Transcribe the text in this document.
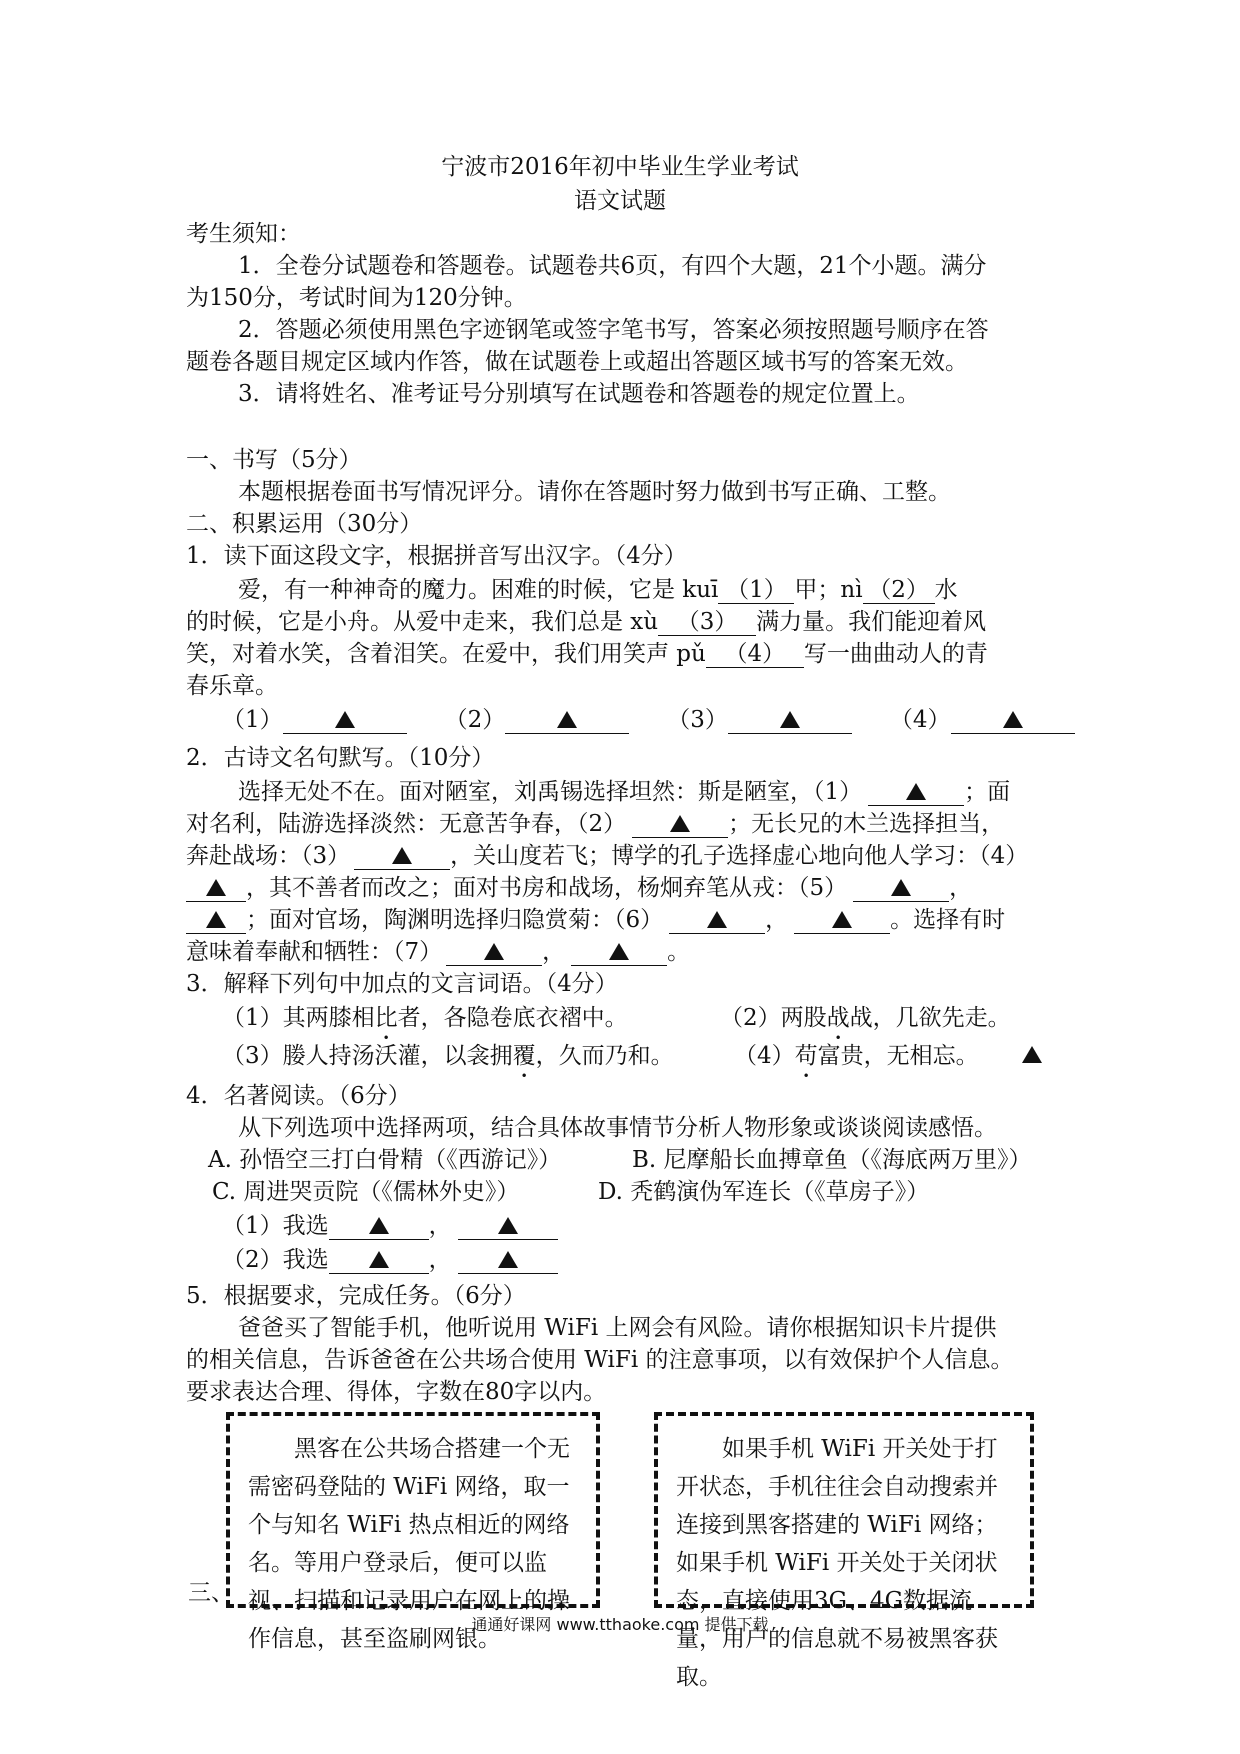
宁波市2016年初中毕业生学业考试
语文试题
考生须知：
1．全卷分试题卷和答题卷。试题卷共6页，有四个大题，21个小题。满分
为150分，考试时间为120分钟。
2．答题必须使用黑色字迹钢笔或签字笔书写，答案必须按照题号顺序在答
题卷各题目规定区域内作答，做在试题卷上或超出答题区域书写的答案无效。
3．请将姓名、准考证号分别填写在试题卷和答题卷的规定位置上。
一、书写（5分）
本题根据卷面书写情况评分。请你在答题时努力做到书写正确、工整。
二、积累运用（30分）
1．读下面这段文字，根据拼音写出汉字。（4分）
爱，有一种神奇的魔力。困难的时候，它是 kuī （1） 甲；nì （2） 水
的时候，它是小舟。从爱中走来，我们总是 xù （3） 满力量。我们能迎着风
笑，对着水笑，含着泪笑。在爱中，我们用笑声 pǔ （4） 写一曲曲动人的青
春乐章。
（1）	（2）	（3）	（4）
2．古诗文名句默写。（10分）
选择无处不在。面对陋室，刘禹锡选择坦然：斯是陋室，（1）	；面
对名利，陆游选择淡然：无意苦争春，（2）	；无长兄的木兰选择担当，
奔赴战场：（3）	，关山度若飞；博学的孔子选择虚心地向他人学习：（4）
，其不善者而改之；面对书房和战场，杨炯弃笔从戎：（5）	，
；面对官场，陶渊明选择归隐赏菊：（6）	，	。选择有时
意味着奉献和牺牲：（7）	，	。
3．解释下列句中加点的文言词语。（4分）
（1）其两膝相比者，各隐卷底衣褶中。	（2）两股战战，几欲先走。
（3）媵人持汤沃灌，以衾拥覆，久而乃和。	（4）苟富贵，无相忘。
4．名著阅读。（6分）
从下列选项中选择两项，结合具体故事情节分析人物形象或谈谈阅读感悟。
A. 孙悟空三打白骨精（《西游记》）	B. 尼摩船长血搏章鱼（《海底两万里》）
C. 周进哭贡院（《儒林外史》）	D. 秃鹤演伪军连长（《草房子》）
（1）我选	，
（2）我选	，
5．根据要求，完成任务。（6分）
爸爸买了智能手机，他听说用 WiFi 上网会有风险。请你根据知识卡片提供
的相关信息，告诉爸爸在公共场合使用 WiFi 的注意事项，以有效保护个人信息。
要求表达合理、得体，字数在80字以内。
黑客在公共场合搭建一个无需密码登陆的 WiFi 网络，取一个与知名 WiFi 热点相近的网络名。等用户登录后，便可以监视、扫描和记录用户在网上的操作信息，甚至盗刷网银。
如果手机 WiFi 开关处于打开状态，手机往往会自动搜索并连接到黑客搭建的 WiFi 网络；如果手机 WiFi 开关处于关闭状态，直接使用3G、4G数据流量，用户的信息就不易被黑客获取。
三、
通通好课网 www.tthaoke.com 提供下载
